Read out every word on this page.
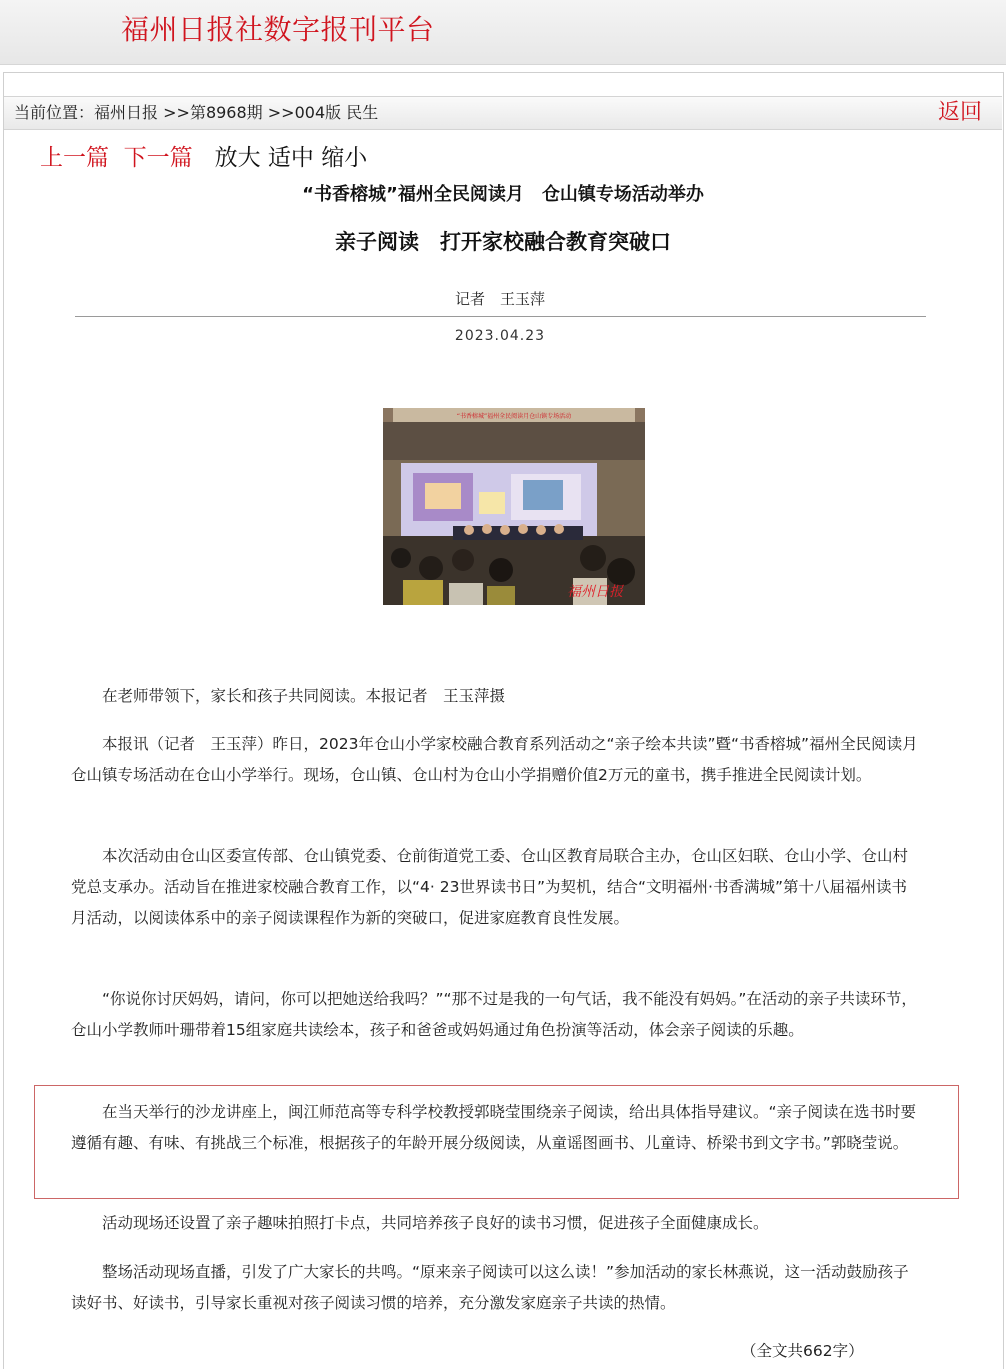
福州日报社数字报刊平台
当前位置：福州日报 >>第8968期 >>004版 民生	返回
上一篇 下一篇 放大 适中 缩小
“书香榕城”福州全民阅读月　仓山镇专场活动举办
亲子阅读　打开家校融合教育突破口
记者　王玉萍
2023.04.23
“书香榕城”福州全民阅读月仓山镇专场活动
福州日报

在老师带领下，家长和孩子共同阅读。本报记者　王玉萍摄

本报讯（记者　王玉萍）昨日，2023年仓山小学家校融合教育系列活动之“亲子绘本共读”暨“书香榕城”福州全民阅读月仓山镇专场活动在仓山小学举行。现场，仓山镇、仓山村为仓山小学捐赠价值2万元的童书，携手推进全民阅读计划。

本次活动由仓山区委宣传部、仓山镇党委、仓前街道党工委、仓山区教育局联合主办，仓山区妇联、仓山小学、仓山村党总支承办。活动旨在推进家校融合教育工作，以“4· 23世界读书日”为契机，结合“文明福州·书香满城”第十八届福州读书月活动，以阅读体系中的亲子阅读课程作为新的突破口，促进家庭教育良性发展。

“你说你讨厌妈妈，请问，你可以把她送给我吗？”“那不过是我的一句气话，我不能没有妈妈。”在活动的亲子共读环节，仓山小学教师叶珊带着15组家庭共读绘本，孩子和爸爸或妈妈通过角色扮演等活动，体会亲子阅读的乐趣。

在当天举行的沙龙讲座上，闽江师范高等专科学校教授郭晓莹围绕亲子阅读，给出具体指导建议。“亲子阅读在选书时要遵循有趣、有味、有挑战三个标准，根据孩子的年龄开展分级阅读，从童谣图画书、儿童诗、桥梁书到文字书。”郭晓莹说。

活动现场还设置了亲子趣味拍照打卡点，共同培养孩子良好的读书习惯，促进孩子全面健康成长。

整场活动现场直播，引发了广大家长的共鸣。“原来亲子阅读可以这么读！”参加活动的家长林燕说，这一活动鼓励孩子读好书、好读书，引导家长重视对孩子阅读习惯的培养，充分激发家庭亲子共读的热情。

（全文共662字）
